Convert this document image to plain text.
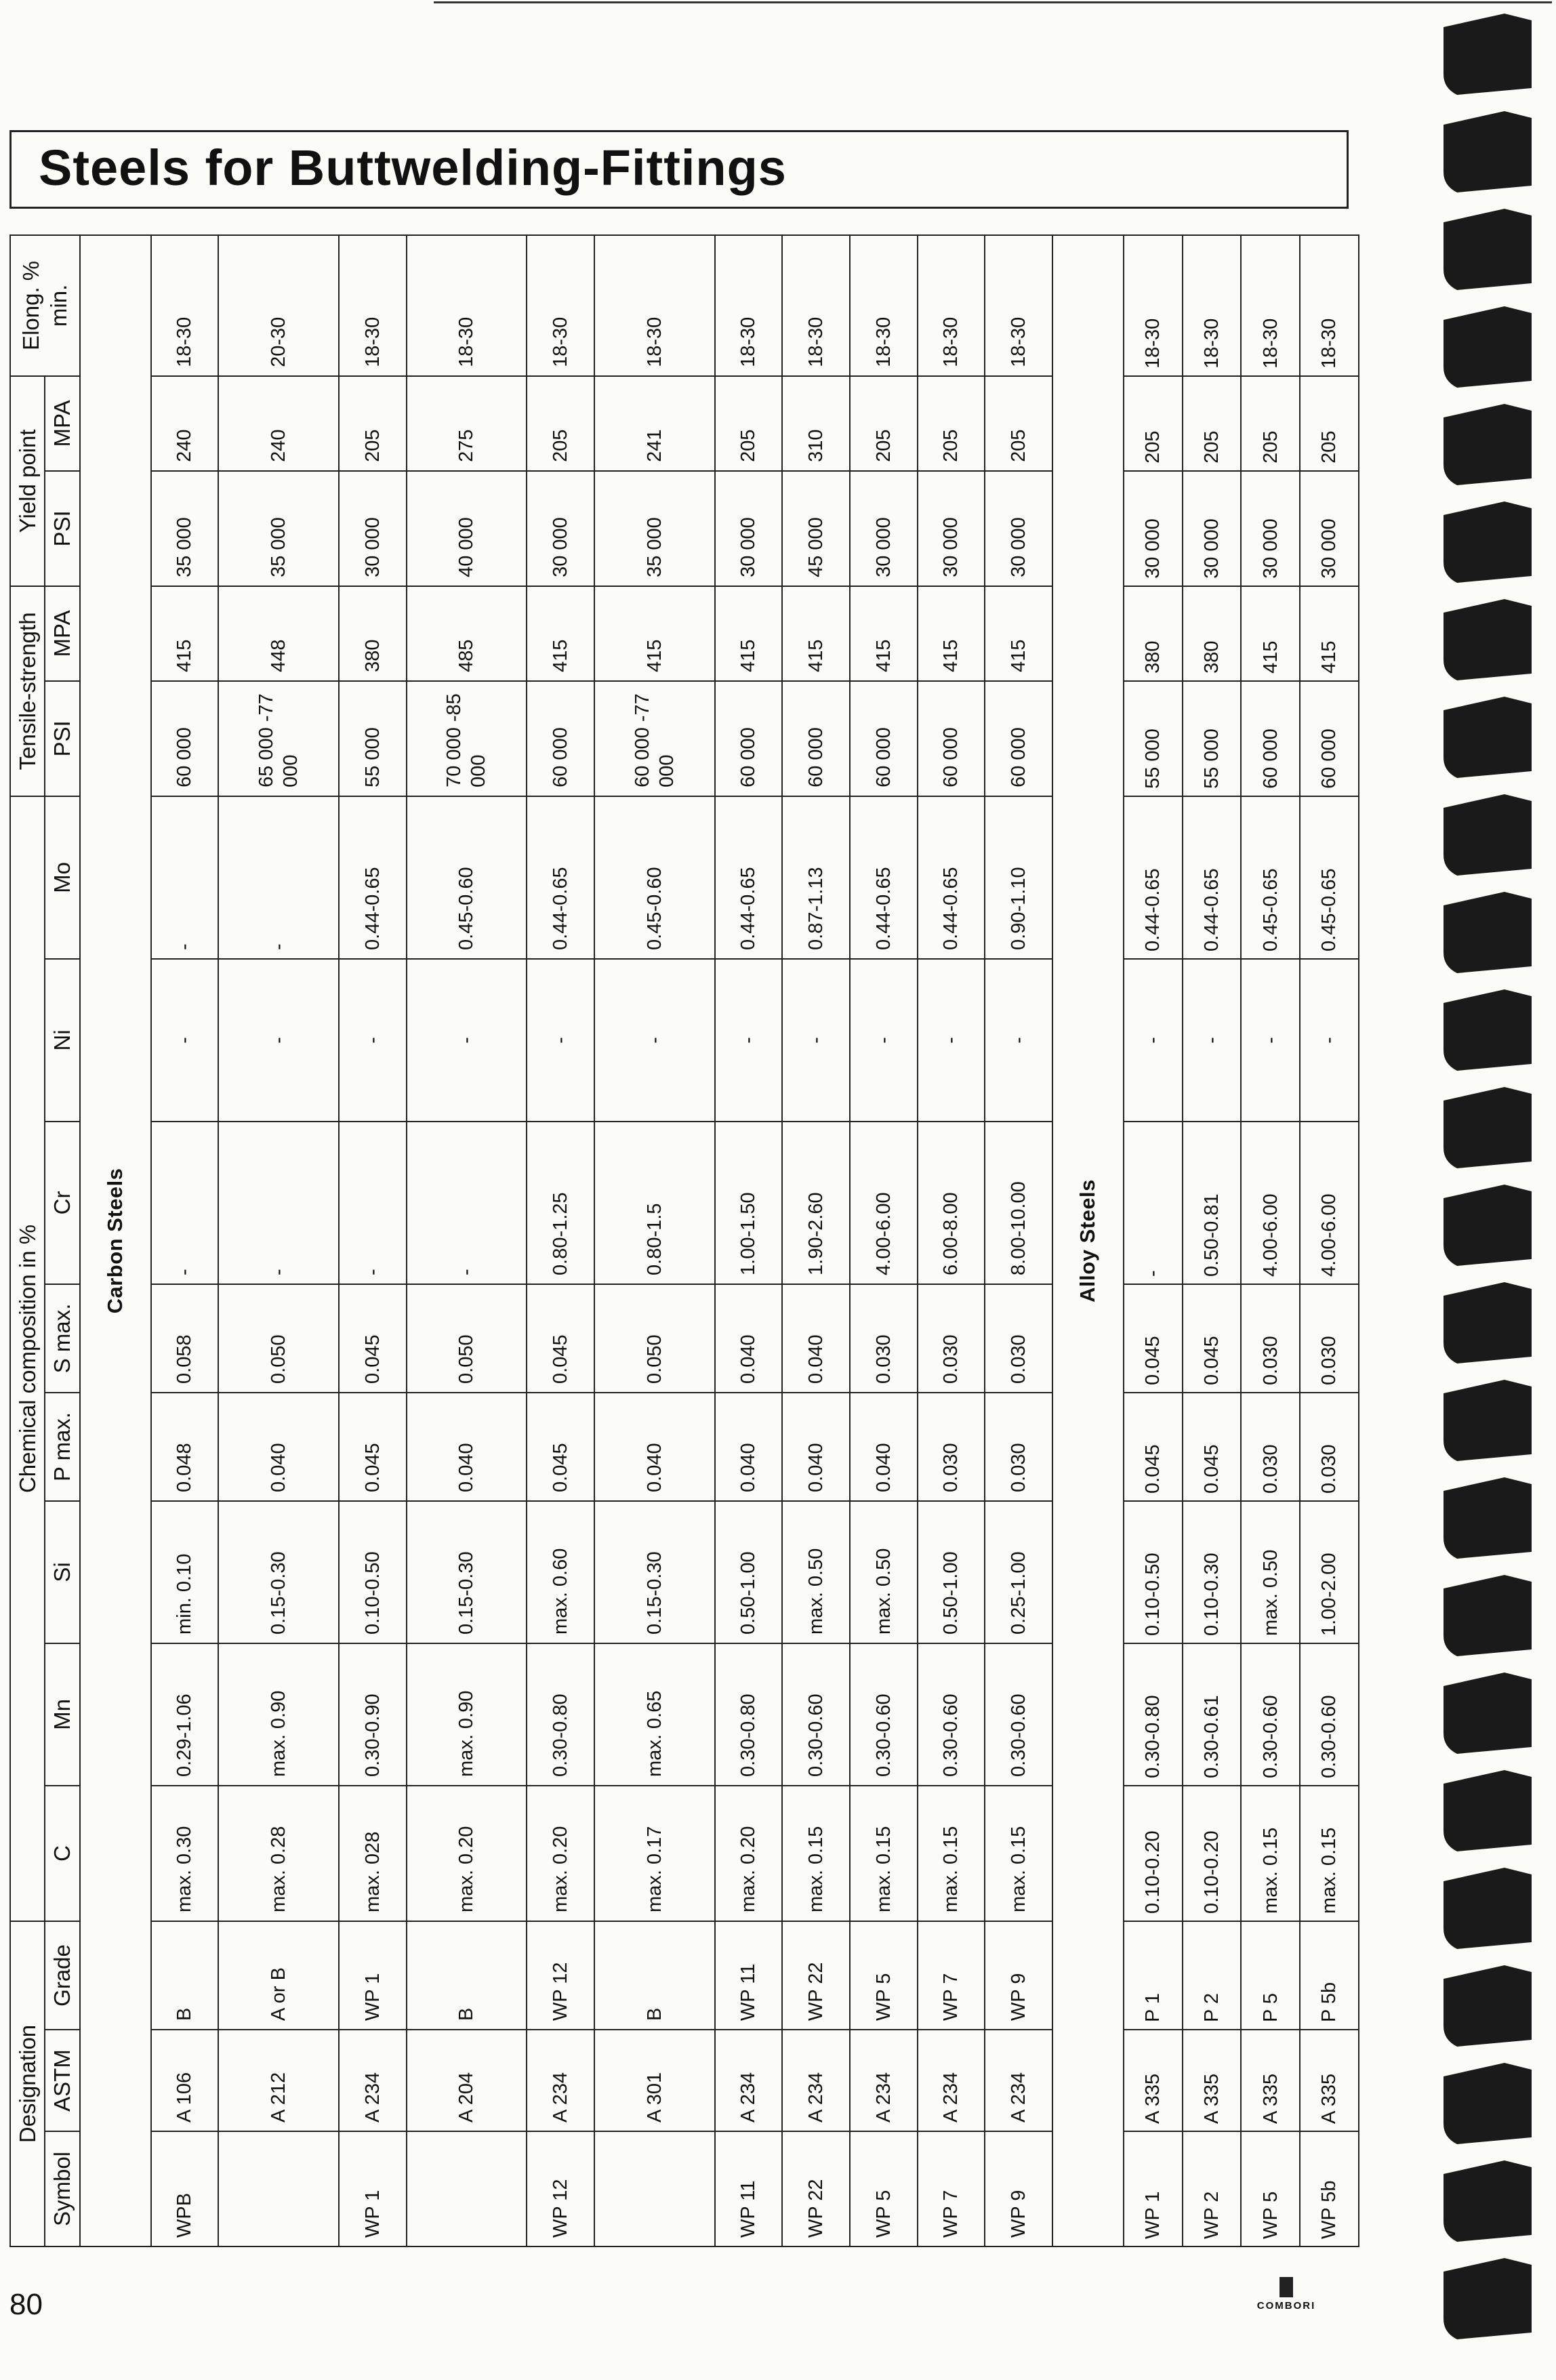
Steels for Buttwelding-Fittings
Designation			Chemical composition in %								Tensile-strength		Yield point		Elong. % min.
Symbol	ASTM	Grade	C	Mn	Si	P max.	S max.	Cr	Ni	Mo	PSI	MPA	PSI	MPA	
Carbon Steels															
WPB	A 106	B	max. 0.30	0.29-1.06	min. 0.10	0.048	0.058	-	-	-	60 000	415	35 000	240	18-30
	A 212	A or B	max. 0.28	max. 0.90	0.15-0.30	0.040	0.050	-	-	-	65 000 -77 000	448	35 000	240	20-30
WP 1	A 234	WP 1	max. 028	0.30-0.90	0.10-0.50	0.045	0.045	-	-	0.44-0.65	55 000	380	30 000	205	18-30
	A 204	B	max. 0.20	max. 0.90	0.15-0.30	0.040	0.050	-	-	0.45-0.60	70 000 -85 000	485	40 000	275	18-30
WP 12	A 234	WP 12	max. 0.20	0.30-0.80	max. 0.60	0.045	0.045	0.80-1.25	-	0.44-0.65	60 000	415	30 000	205	18-30
	A 301	B	max. 0.17	max. 0.65	0.15-0.30	0.040	0.050	0.80-1.5	-	0.45-0.60	60 000 -77 000	415	35 000	241	18-30
WP 11	A 234	WP 11	max. 0.20	0.30-0.80	0.50-1.00	0.040	0.040	1.00-1.50	-	0.44-0.65	60 000	415	30 000	205	18-30
WP 22	A 234	WP 22	max. 0.15	0.30-0.60	max. 0.50	0.040	0.040	1.90-2.60	-	0.87-1.13	60 000	415	45 000	310	18-30
WP 5	A 234	WP 5	max. 0.15	0.30-0.60	max. 0.50	0.040	0.030	4.00-6.00	-	0.44-0.65	60 000	415	30 000	205	18-30
WP 7	A 234	WP 7	max. 0.15	0.30-0.60	0.50-1.00	0.030	0.030	6.00-8.00	-	0.44-0.65	60 000	415	30 000	205	18-30
WP 9	A 234	WP 9	max. 0.15	0.30-0.60	0.25-1.00	0.030	0.030	8.00-10.00	-	0.90-1.10	60 000	415	30 000	205	18-30
Alloy Steels															
WP 1	A 335	P 1	0.10-0.20	0.30-0.80	0.10-0.50	0.045	0.045	-	-	0.44-0.65	55 000	380	30 000	205	18-30
WP 2	A 335	P 2	0.10-0.20	0.30-0.61	0.10-0.30	0.045	0.045	0.50-0.81	-	0.44-0.65	55 000	380	30 000	205	18-30
WP 5	A 335	P 5	max. 0.15	0.30-0.60	max. 0.50	0.030	0.030	4.00-6.00	-	0.45-0.65	60 000	415	30 000	205	18-30
WP 5b	A 335	P 5b	max. 0.15	0.30-0.60	1.00-2.00	0.030	0.030	4.00-6.00	-	0.45-0.65	60 000	415	30 000	205	18-30
80	COMBORI
